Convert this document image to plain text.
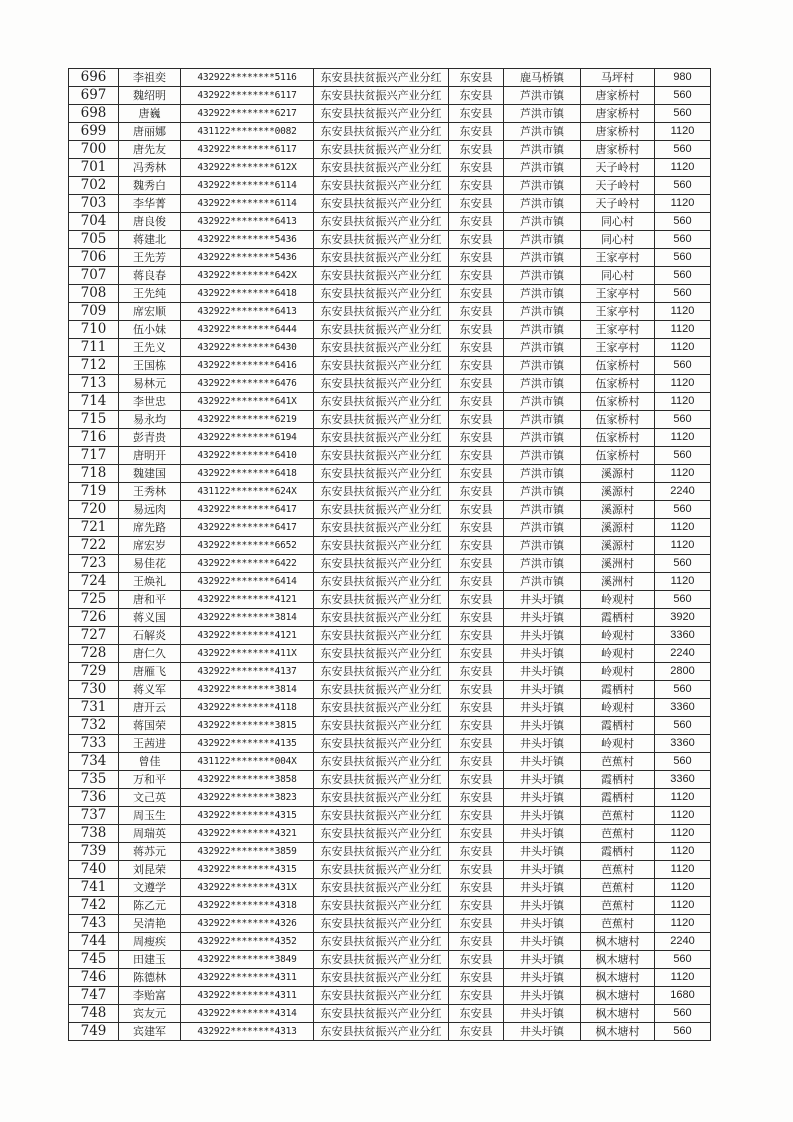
696	李祖奕	432922********5116	东安县扶贫振兴产业分红	东安县	鹿马桥镇	马坪村	980
697	魏绍明	432922********6117	东安县扶贫振兴产业分红	东安县	芦洪市镇	唐家桥村	560
698	唐巍	432922********6217	东安县扶贫振兴产业分红	东安县	芦洪市镇	唐家桥村	560
699	唐丽娜	431122********0082	东安县扶贫振兴产业分红	东安县	芦洪市镇	唐家桥村	1120
700	唐先友	432922********6117	东安县扶贫振兴产业分红	东安县	芦洪市镇	唐家桥村	560
701	冯秀林	432922********612X	东安县扶贫振兴产业分红	东安县	芦洪市镇	天子岭村	1120
702	魏秀白	432922********6114	东安县扶贫振兴产业分红	东安县	芦洪市镇	天子岭村	560
703	李华菁	432922********6114	东安县扶贫振兴产业分红	东安县	芦洪市镇	天子岭村	1120
704	唐良俊	432922********6413	东安县扶贫振兴产业分红	东安县	芦洪市镇	同心村	560
705	蒋建北	432922********5436	东安县扶贫振兴产业分红	东安县	芦洪市镇	同心村	560
706	王先芳	432922********5436	东安县扶贫振兴产业分红	东安县	芦洪市镇	王家亭村	560
707	蒋良春	432922********642X	东安县扶贫振兴产业分红	东安县	芦洪市镇	同心村	560
708	王先纯	432922********6418	东安县扶贫振兴产业分红	东安县	芦洪市镇	王家亭村	560
709	席宏顺	432922********6413	东安县扶贫振兴产业分红	东安县	芦洪市镇	王家亭村	1120
710	伍小妹	432922********6444	东安县扶贫振兴产业分红	东安县	芦洪市镇	王家亭村	1120
711	王先义	432922********6430	东安县扶贫振兴产业分红	东安县	芦洪市镇	王家亭村	1120
712	王国栋	432922********6416	东安县扶贫振兴产业分红	东安县	芦洪市镇	伍家桥村	560
713	易林元	432922********6476	东安县扶贫振兴产业分红	东安县	芦洪市镇	伍家桥村	1120
714	李世忠	432922********641X	东安县扶贫振兴产业分红	东安县	芦洪市镇	伍家桥村	1120
715	易永均	432922********6219	东安县扶贫振兴产业分红	东安县	芦洪市镇	伍家桥村	560
716	彭青贵	432922********6194	东安县扶贫振兴产业分红	东安县	芦洪市镇	伍家桥村	1120
717	唐明开	432922********6410	东安县扶贫振兴产业分红	东安县	芦洪市镇	伍家桥村	560
718	魏建国	432922********6418	东安县扶贫振兴产业分红	东安县	芦洪市镇	溪源村	1120
719	王秀林	431122********624X	东安县扶贫振兴产业分红	东安县	芦洪市镇	溪源村	2240
720	易远肉	432922********6417	东安县扶贫振兴产业分红	东安县	芦洪市镇	溪源村	560
721	席先路	432922********6417	东安县扶贫振兴产业分红	东安县	芦洪市镇	溪源村	1120
722	席宏岁	432922********6652	东安县扶贫振兴产业分红	东安县	芦洪市镇	溪源村	1120
723	易佳花	432922********6422	东安县扶贫振兴产业分红	东安县	芦洪市镇	溪洲村	560
724	王焕礼	432922********6414	东安县扶贫振兴产业分红	东安县	芦洪市镇	溪洲村	1120
725	唐和平	432922********4121	东安县扶贫振兴产业分红	东安县	井头圩镇	岭观村	560
726	蒋义国	432922********3814	东安县扶贫振兴产业分红	东安县	井头圩镇	霞栖村	3920
727	石解炎	432922********4121	东安县扶贫振兴产业分红	东安县	井头圩镇	岭观村	3360
728	唐仁久	432922********411X	东安县扶贫振兴产业分红	东安县	井头圩镇	岭观村	2240
729	唐雁飞	432922********4137	东安县扶贫振兴产业分红	东安县	井头圩镇	岭观村	2800
730	蒋义军	432922********3814	东安县扶贫振兴产业分红	东安县	井头圩镇	霞栖村	560
731	唐开云	432922********4118	东安县扶贫振兴产业分红	东安县	井头圩镇	岭观村	3360
732	蒋国荣	432922********3815	东安县扶贫振兴产业分红	东安县	井头圩镇	霞栖村	560
733	王茜进	432922********4135	东安县扶贫振兴产业分红	东安县	井头圩镇	岭观村	3360
734	曾佳	431122********004X	东安县扶贫振兴产业分红	东安县	井头圩镇	芭蕉村	560
735	万和平	432922********3858	东安县扶贫振兴产业分红	东安县	井头圩镇	霞栖村	3360
736	文己英	432922********3823	东安县扶贫振兴产业分红	东安县	井头圩镇	霞栖村	1120
737	周玉生	432922********4315	东安县扶贫振兴产业分红	东安县	井头圩镇	芭蕉村	1120
738	周瑞英	432922********4321	东安县扶贫振兴产业分红	东安县	井头圩镇	芭蕉村	1120
739	蒋苏元	432922********3859	东安县扶贫振兴产业分红	东安县	井头圩镇	霞栖村	1120
740	刘昆荣	432922********4315	东安县扶贫振兴产业分红	东安县	井头圩镇	芭蕉村	1120
741	文遵学	432922********431X	东安县扶贫振兴产业分红	东安县	井头圩镇	芭蕉村	1120
742	陈乙元	432922********4318	东安县扶贫振兴产业分红	东安县	井头圩镇	芭蕉村	1120
743	吴清艳	432922********4326	东安县扶贫振兴产业分红	东安县	井头圩镇	芭蕉村	1120
744	周瘦疾	432922********4352	东安县扶贫振兴产业分红	东安县	井头圩镇	枫木塘村	2240
745	田建玉	432922********3849	东安县扶贫振兴产业分红	东安县	井头圩镇	枫木塘村	560
746	陈德林	432922********4311	东安县扶贫振兴产业分红	东安县	井头圩镇	枫木塘村	1120
747	李贻富	432922********4311	东安县扶贫振兴产业分红	东安县	井头圩镇	枫木塘村	1680
748	宾友元	432922********4314	东安县扶贫振兴产业分红	东安县	井头圩镇	枫木塘村	560
749	宾建军	432922********4313	东安县扶贫振兴产业分红	东安县	井头圩镇	枫木塘村	560
